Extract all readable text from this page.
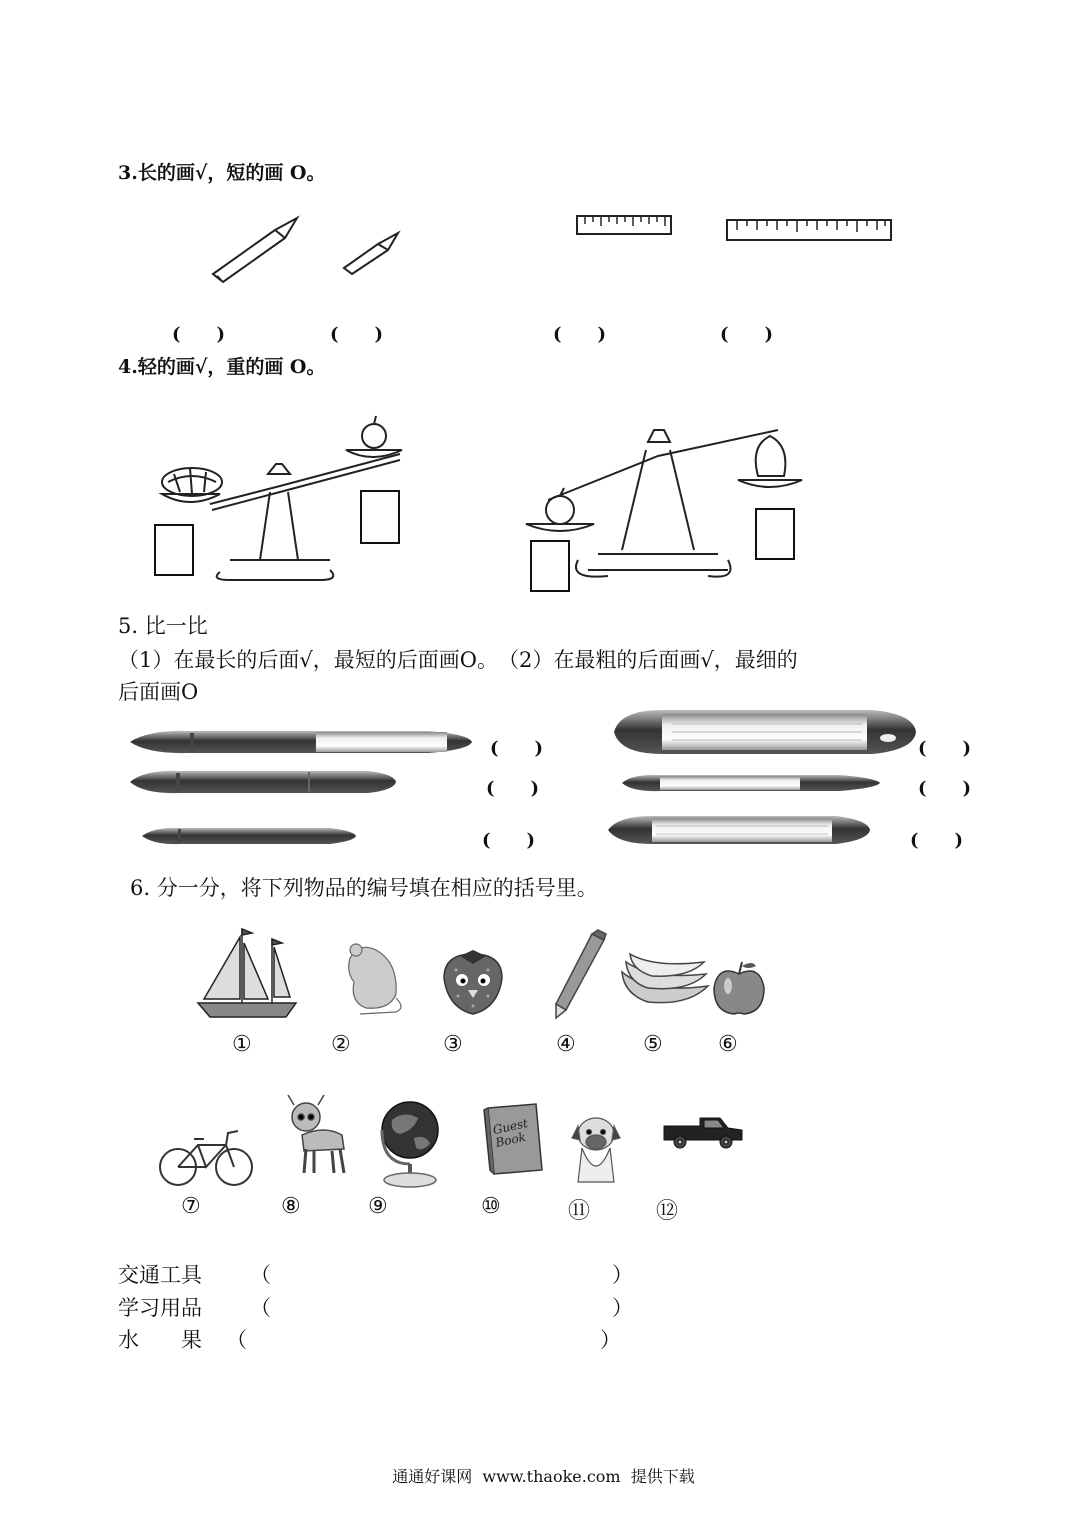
3.长的画√，短的画 O。
(　　)	(　　)	(　　)	(　　)
4.轻的画√，重的画 O。
5. 比一比
（1）在最长的后面√，最短的后面画O。　（2）在最粗的后面画√，最细的
后面画O
(　　)
(　　)
(　　)
(　　)
(　　)
(　　)
6. 分一分，将下列物品的编号填在相应的括号里。
①	②	③	④	⑤	⑥
Guest Book
⑦	⑧	⑨	⑩	⑪	⑫
交通工具 （	）
学习用品 （	）
水　　果 （	）
通通好课网  www.thaoke.com  提供下载
